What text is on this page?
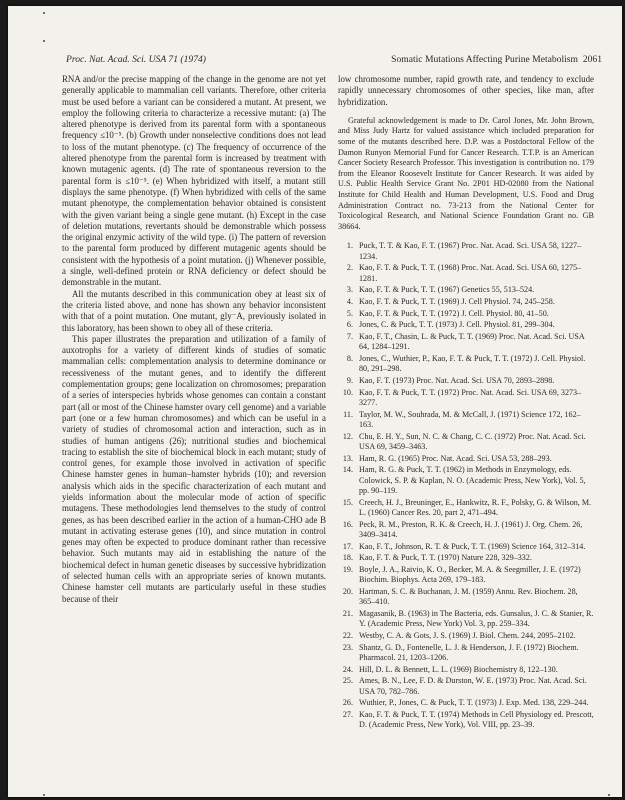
Proc. Nat. Acad. Sci. USA 71 (1974)	Somatic Mutations Affecting Purine Metabolism 2061

RNA and/or the precise mapping of the change in the genome are not yet generally applicable to mammalian cell variants. Therefore, other criteria must be used before a variant can be considered a mutant. At present, we employ the following criteria to characterize a recessive mutant: (a) The altered phenotype is derived from its parental form with a spontaneous frequency ≤10⁻⁵. (b) Growth under nonselective conditions does not lead to loss of the mutant phenotype. (c) The frequency of occurrence of the altered phenotype from the parental form is increased by treatment with known mutagenic agents. (d) The rate of spontaneous reversion to the parental form is ≤10⁻⁵. (e) When hybridized with itself, a mutant still displays the same phenotype. (f) When hybridized with cells of the same mutant phenotype, the complementation behavior obtained is consistent with the given variant being a single gene mutant. (h) Except in the case of deletion mutations, revertants should be demonstrable which possess the original enzymic activity of the wild type. (i) The pattern of reversion to the parental form produced by different mutagenic agents should be consistent with the hypothesis of a point mutation. (j) Whenever possible, a single, well-defined protein or RNA deficiency or defect should be demonstrable in the mutant.

All the mutants described in this communication obey at least six of the criteria listed above, and none has shown any behavior inconsistent with that of a point mutation. One mutant, gly⁻A, previously isolated in this laboratory, has been shown to obey all of these criteria.

This paper illustrates the preparation and utilization of a family of auxotrophs for a variety of different kinds of studies of somatic mammalian cells: complementation analysis to determine dominance or recessiveness of the mutant genes, and to identify the different complementation groups; gene localization on chromosomes; preparation of a series of interspecies hybrids whose genomes can contain a constant part (all or most of the Chinese hamster ovary cell genome) and a variable part (one or a few human chromosomes) and which can be useful in a variety of studies of chromosomal action and interaction, such as in studies of human antigens (26); nutritional studies and biochemical tracing to establish the site of biochemical block in each mutant; study of control genes, for example those involved in activation of specific Chinese hamster genes in human–hamster hybrids (10); and reversion analysis which aids in the specific characterization of each mutant and yields information about the molecular mode of action of specific mutagens. These methodologies lend themselves to the study of control genes, as has been described earlier in the action of a human-CHO ade B mutant in activating esterase genes (10), and since mutation in control genes may often be expected to produce dominant rather than recessive behavior. Such mutants may aid in establishing the nature of the biochemical defect in human genetic diseases by successive hybridization of selected human cells with an appropriate series of known mutants. Chinese hamster cell mutants are particularly useful in these studies because of their

low chromosome number, rapid growth rate, and tendency to exclude rapidly unnecessary chromosomes of other species, like man, after hybridization.

Grateful acknowledgement is made to Dr. Carol Jones, Mr. John Brown, and Miss Judy Hartz for valued assistance which included preparation for some of the mutants described here. D.P. was a Postdoctoral Fellow of the Damon Runyon Memorial Fund for Cancer Research. T.T.P. is an American Cancer Society Research Professor. This investigation is contribution no. 179 from the Eleanor Roosevelt Institute for Cancer Research. It was aided by U.S. Public Health Service Grant No. 2P01 HD-02080 from the National Institute for Child Health and Human Development, U.S. Food and Drug Administration Contract no. 73-213 from the National Center for Toxicological Research, and National Science Foundation Grant no. GB 38664.

1. Puck, T. T. & Kao, F. T. (1967) Proc. Nat. Acad. Sci. USA 58, 1227–1234.
2. Kao, F. T. & Puck, T. T. (1968) Proc. Nat. Acad. Sci. USA 60, 1275–1281.
3. Kao, F. T. & Puck, T. T. (1967) Genetics 55, 513–524.
4. Kao, F. T. & Puck, T. T. (1969) J. Cell Physiol. 74, 245–258.
5. Kao, F. T. & Puck, T. T. (1972) J. Cell. Physiol. 80, 41–50.
6. Jones, C. & Puck, T. T. (1973) J. Cell. Physiol. 81, 299–304.
7. Kao, F. T., Chasin, L. & Puck, T. T. (1969) Proc. Nat. Acad. Sci. USA 64, 1284–1291.
8. Jones, C., Wuthier, P., Kao, F. T. & Puck, T. T. (1972) J. Cell. Physiol. 80, 291–298.
9. Kao, F. T. (1973) Proc. Nat. Acad. Sci. USA 70, 2893–2898.
10. Kao, F. T. & Puck, T. T. (1972) Proc. Nat. Acad. Sci. USA 69, 3273–3277.
11. Taylor, M. W., Souhrada, M. & McCall, J. (1971) Science 172, 162–163.
12. Chu, E. H. Y., Sun, N. C. & Chang, C. C. (1972) Proc. Nat. Acad. Sci. USA 69, 3459–3463.
13. Ham, R. G. (1965) Proc. Nat. Acad. Sci. USA 53, 288–293.
14. Ham, R. G. & Puck, T. T. (1962) in Methods in Enzymology, eds. Colowick, S. P. & Kaplan, N. O. (Academic Press, New York), Vol. 5, pp. 90–119.
15. Creech, H. J., Breuninger, E., Hankwitz, R. F., Polsky, G. & Wilson, M. L. (1960) Cancer Res. 20, part 2, 471–494.
16. Peck, R. M., Preston, R. K. & Creech, H. J. (1961) J. Org. Chem. 26, 3409–3414.
17. Kao, F. T., Johnson, R. T. & Puck, T. T. (1969) Science 164, 312–314.
18. Kao, F. T. & Puck, T. T. (1970) Nature 228, 329–332.
19. Boyle, J. A., Raivio, K. O., Becker, M. A. & Seegmiller, J. E. (1972) Biochim. Biophys. Acta 269, 179–183.
20. Hartman, S. C. & Buchanan, J. M. (1959) Annu. Rev. Biochem. 28, 365–410.
21. Magasanik, B. (1963) in The Bacteria, eds. Gunsalus, J. C. & Stanier, R. Y. (Academic Press, New York) Vol. 3, pp. 259–334.
22. Westby, C. A. & Gots, J. S. (1969) J. Biol. Chem. 244, 2095–2102.
23. Shantz, G. D., Fontenelle, L. J. & Henderson, J. F. (1972) Biochem. Pharmacol. 21, 1203–1206.
24. Hill, D. L. & Bennett, L. L. (1969) Biochemistry 8, 122–130.
25. Ames, B. N., Lee, F. D. & Durston, W. E. (1973) Proc. Nat. Acad. Sci. USA 70, 782–786.
26. Wuthier, P., Jones, C. & Puck, T. T. (1973) J. Exp. Med. 138, 229–244.
27. Kao, F. T. & Puck, T. T. (1974) Methods in Cell Physiology ed. Prescott, D. (Academic Press, New York), Vol. VIII, pp. 23–39.
